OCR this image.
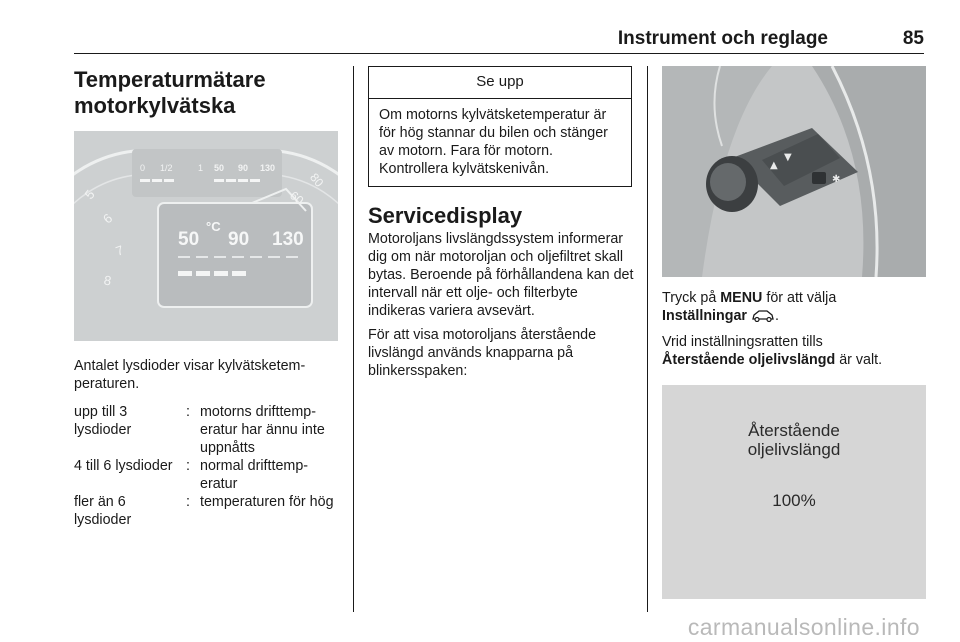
Instrument och reglage	85
Temperaturmätare
motorkylvätska
5
6
7
8
60
80
0 1/2	1 50 90 130
50
°C
90 130

Antalet lysdioder visar kylvätsketemperaturen.

upp till 3 lysdioder	:	motorns drifttemperatur har ännu inte uppnåtts
4 till 6 lysdioder	:	normal drifttemperatur
fler än 6 lysdioder	:	temperaturen för hög
Se upp
Om motorns kylvätsketemperatur är för hög stannar du bilen och stänger av motorn. Fara för motorn. Kontrollera kylvätskenivån.
Servicedisplay

Motoroljans livslängdssystem informerar dig om när motoroljan och oljefiltret skall bytas. Beroende på förhållandena kan det intervall när ett olje- och filterbyte indikeras variera avsevärt.

För att visa motoroljans återstående livslängd används knapparna på blinkersspaken:

▲
▼
✱

Tryck på MENU för att välja
Inställningar .

Vrid inställningsratten tills
Återstående oljelivslängd är valt.

Återstående
oljelivslängd
100%
carmanualsonline.info
